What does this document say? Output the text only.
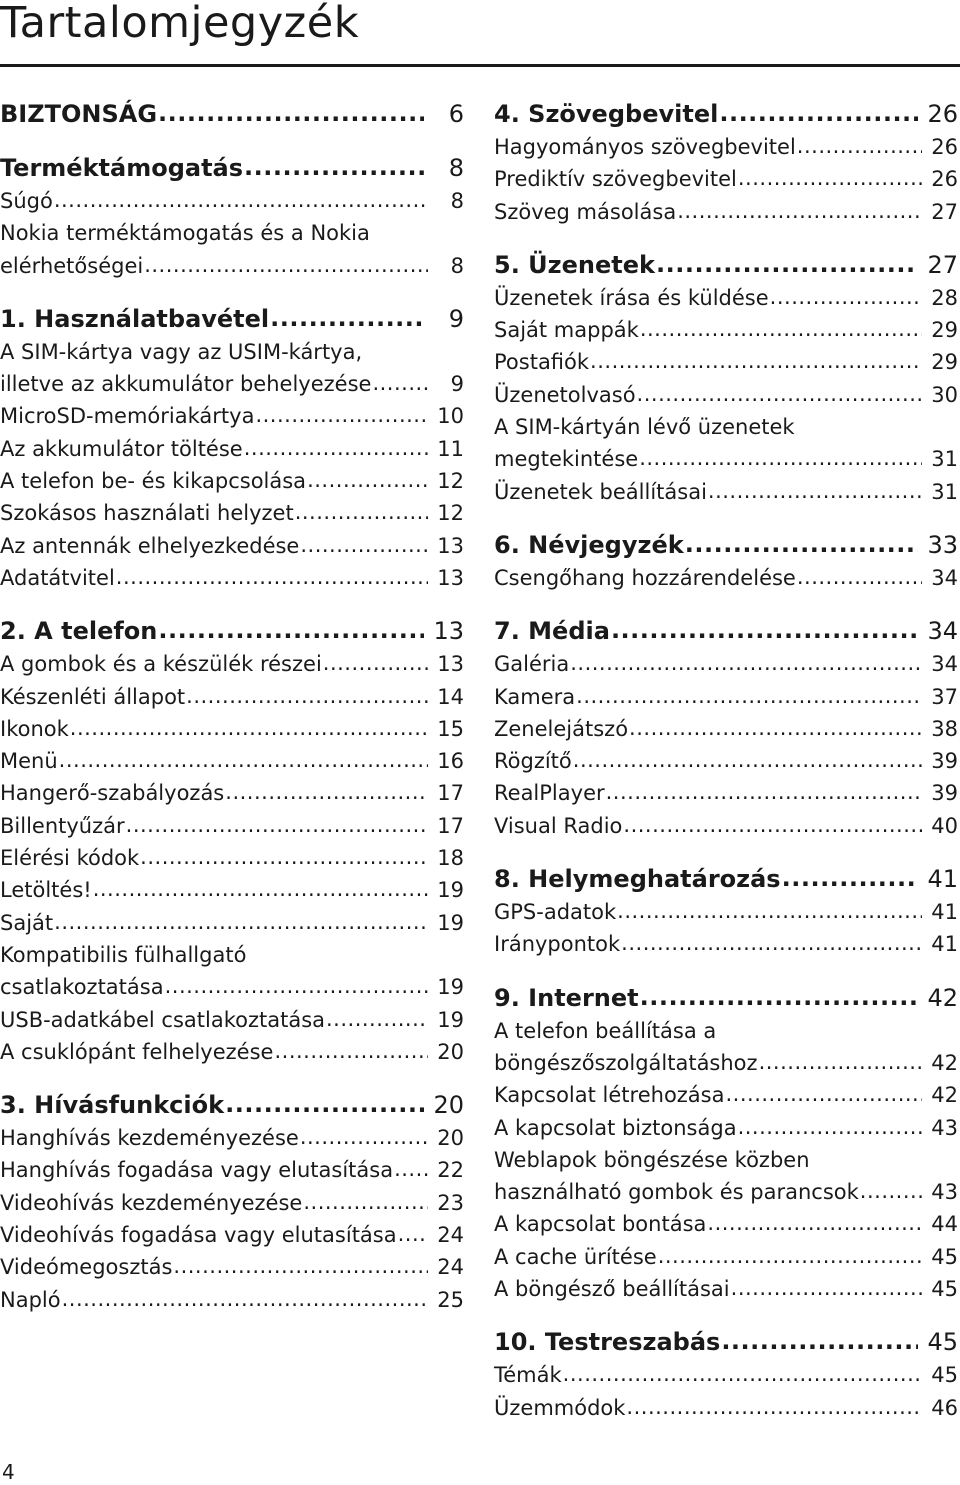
Tartalomjegyzék
BIZTONSÁG .....	6
Terméktámogatás .....	8
Súgó .....	8
Nokia terméktámogatás és a Nokia
elérhetőségei .....	8
1. Használatbavétel .....	9
A SIM-kártya vagy az USIM-kártya,
illetve az akkumulátor behelyezése .....	9
MicroSD-memóriakártya .....	10
Az akkumulátor töltése .....	11
A telefon be- és kikapcsolása .....	12
Szokásos használati helyzet .....	12
Az antennák elhelyezkedése .....	13
Adatátvitel .....	13
2. A telefon .....	13
A gombok és a készülék részei .....	13
Készenléti állapot .....	14
Ikonok .....	15
Menü .....	16
Hangerő-szabályozás .....	17
Billentyűzár .....	17
Elérési kódok .....	18
Letöltés! .....	19
Saját .....	19
Kompatibilis fülhallgató
csatlakoztatása .....	19
USB-adatkábel csatlakoztatása .....	19
A csuklópánt felhelyezése .....	20
3. Hívásfunkciók .....	20
Hanghívás kezdeményezése .....	20
Hanghívás fogadása vagy elutasítása .....	22
Videohívás kezdeményezése .....	23
Videohívás fogadása vagy elutasítása .....	24
Videómegosztás .....	24
Napló .....	25
4. Szövegbevitel .....	26
Hagyományos szövegbevitel .....	26
Prediktív szövegbevitel .....	26
Szöveg másolása .....	27
5. Üzenetek .....	27
Üzenetek írása és küldése .....	28
Saját mappák .....	29
Postafiók .....	29
Üzenetolvasó .....	30
A SIM-kártyán lévő üzenetek
megtekintése .....	31
Üzenetek beállításai .....	31
6. Névjegyzék .....	33
Csengőhang hozzárendelése .....	34
7. Média .....	34
Galéria .....	34
Kamera .....	37
Zenelejátszó .....	38
Rögzítő .....	39
RealPlayer .....	39
Visual Radio .....	40
8. Helymeghatározás .....	41
GPS-adatok .....	41
Iránypontok .....	41
9. Internet .....	42
A telefon beállítása a
böngészőszolgáltatáshoz .....	42
Kapcsolat létrehozása .....	42
A kapcsolat biztonsága .....	43
Weblapok böngészése közben
használható gombok és parancsok .....	43
A kapcsolat bontása .....	44
A cache ürítése .....	45
A böngésző beállításai .....	45
10. Testreszabás .....	45
Témák .....	45
Üzemmódok .....	46
4
